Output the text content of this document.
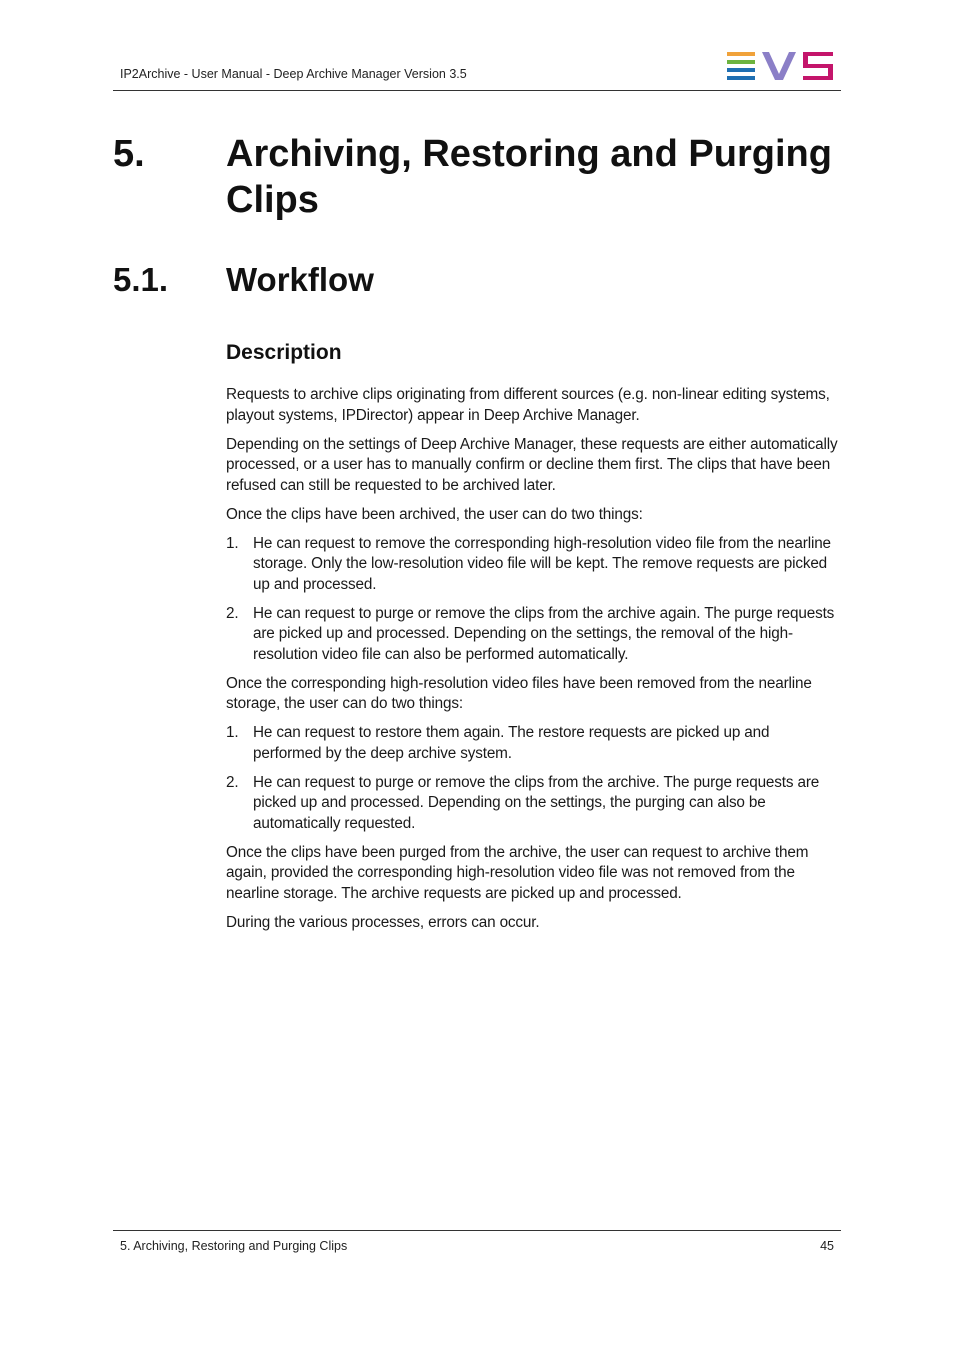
IP2Archive - User Manual - Deep Archive Manager Version 3.5
5. Archiving, Restoring and Purging Clips
5.1. Workflow
Description

Requests to archive clips originating from different sources (e.g. non-linear editing systems, playout systems, IPDirector) appear in Deep Archive Manager.

Depending on the settings of Deep Archive Manager, these requests are either automatically processed, or a user has to manually confirm or decline them first. The clips that have been refused can still be requested to be archived later.

Once the clips have been archived, the user can do two things:

1. He can request to remove the corresponding high-resolution video file from the nearline storage. Only the low-resolution video file will be kept. The remove requests are picked up and processed.
2. He can request to purge or remove the clips from the archive again. The purge requests are picked up and processed. Depending on the settings, the removal of the high-resolution video file can also be performed automatically.

Once the corresponding high-resolution video files have been removed from the nearline storage, the user can do two things:

1. He can request to restore them again. The restore requests are picked up and performed by the deep archive system.
2. He can request to purge or remove the clips from the archive. The purge requests are picked up and processed. Depending on the settings, the purging can also be automatically requested.

Once the clips have been purged from the archive, the user can request to archive them again, provided the corresponding high-resolution video file was not removed from the nearline storage. The archive requests are picked up and processed.

During the various processes, errors can occur.

5. Archiving, Restoring and Purging Clips	45
